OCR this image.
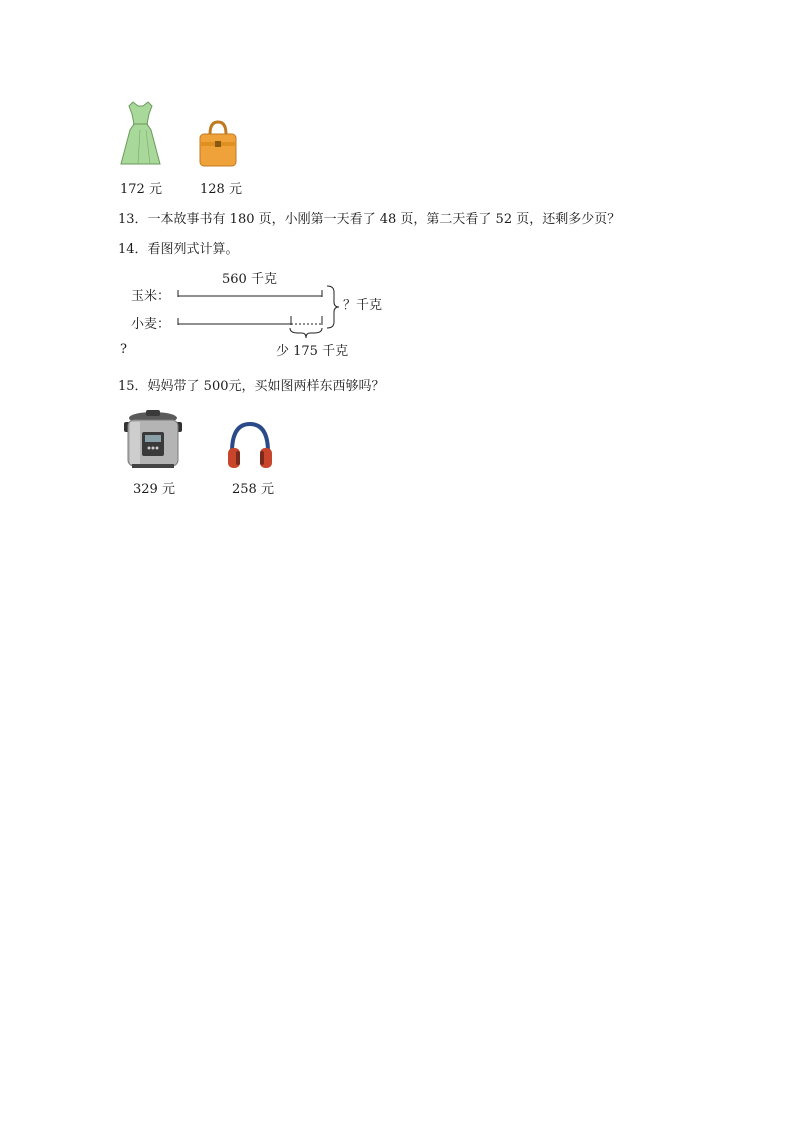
172 元	128 元
13．一本故事书有 180 页，小刚第一天看了 48 页，第二天看了 52 页，还剩多少页？
14．看图列式计算。
560 千克
玉米：
小麦：
？千克
少 175 千克
?
15．妈妈带了 500元，买如图两样东西够吗？
329 元	258 元
